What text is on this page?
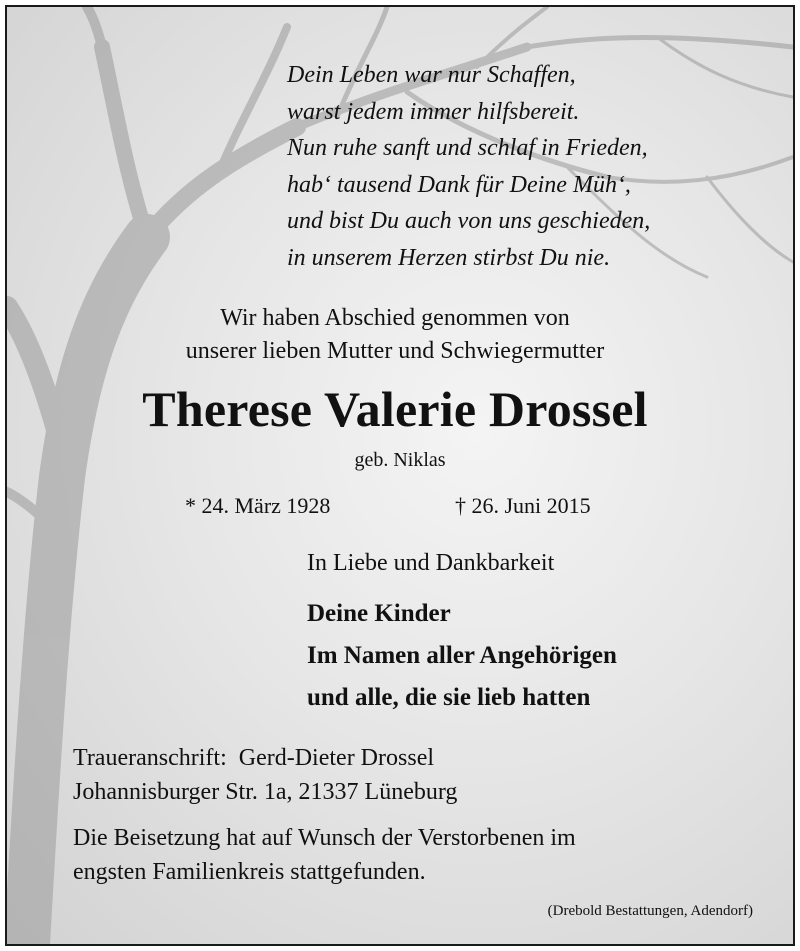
Dein Leben war nur Schaffen,
warst jedem immer hilfsbereit.
Nun ruhe sanft und schlaf in Frieden,
hab‘ tausend Dank für Deine Müh‘,
und bist Du auch von uns geschieden,
in unserem Herzen stirbst Du nie.
Wir haben Abschied genommen von
unserer lieben Mutter und Schwiegermutter
Therese Valerie Drossel
geb. Niklas
* 24. März 1928	† 26. Juni 2015
In Liebe und Dankbarkeit
Deine Kinder
Im Namen aller Angehörigen
und alle, die sie lieb hatten
Traueranschrift: Gerd-Dieter Drossel
Johannisburger Str. 1a, 21337 Lüneburg
Die Beisetzung hat auf Wunsch der Verstorbenen im
engsten Familienkreis stattgefunden.
(Drebold Bestattungen, Adendorf)
